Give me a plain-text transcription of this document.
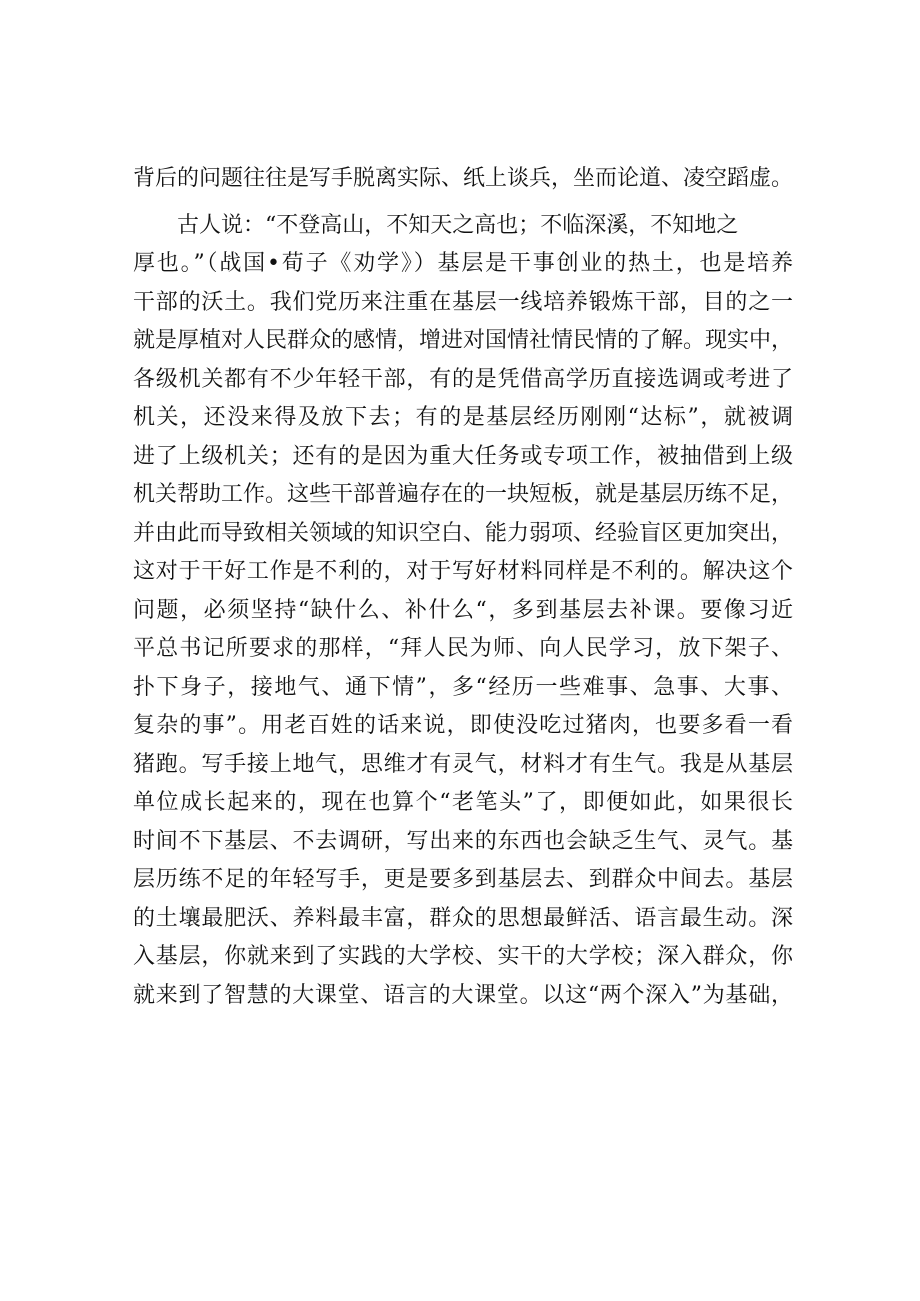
背后的问题往往是写手脱离实际、纸上谈兵，坐而论道、凌空蹈虚。
古人说：“不登高山，不知天之高也；不临深溪，不知地之
厚也。”（战国•荀子《劝学》）基层是干事创业的热土，也是培养
干部的沃土。我们党历来注重在基层一线培养锻炼干部，目的之一
就是厚植对人民群众的感情，增进对国情社情民情的了解。现实中，
各级机关都有不少年轻干部，有的是凭借高学历直接选调或考进了
机关，还没来得及放下去；有的是基层经历刚刚“达标”，就被调
进了上级机关；还有的是因为重大任务或专项工作，被抽借到上级
机关帮助工作。这些干部普遍存在的一块短板，就是基层历练不足，
并由此而导致相关领域的知识空白、能力弱项、经验盲区更加突出，
这对于干好工作是不利的，对于写好材料同样是不利的。解决这个
问题，必须坚持“缺什么、补什么“，多到基层去补课。要像习近
平总书记所要求的那样，“拜人民为师、向人民学习，放下架子、
扑下身子，接地气、通下情”，多“经历一些难事、急事、大事、
复杂的事”。用老百姓的话来说，即使没吃过猪肉，也要多看一看
猪跑。写手接上地气，思维才有灵气，材料才有生气。我是从基层
单位成长起来的，现在也算个“老笔头”了，即便如此，如果很长
时间不下基层、不去调研，写出来的东西也会缺乏生气、灵气。基
层历练不足的年轻写手，更是要多到基层去、到群众中间去。基层
的土壤最肥沃、养料最丰富，群众的思想最鲜活、语言最生动。深
入基层，你就来到了实践的大学校、实干的大学校；深入群众，你
就来到了智慧的大课堂、语言的大课堂。以这“两个深入”为基础，
